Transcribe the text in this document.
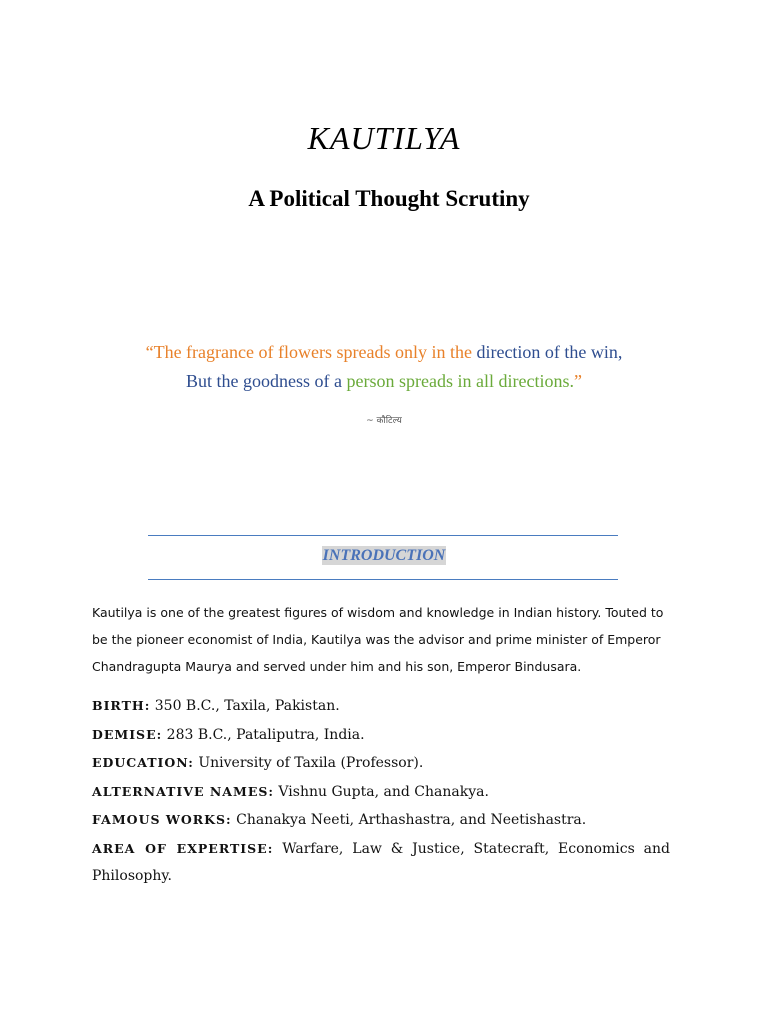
KAUTILYA
A Political Thought Scrutiny
“The fragrance of flowers spreads only in the direction of the win,
But the goodness of a person spreads in all directions.”
~ कौटिल्य
INTRODUCTION
Kautilya is one of the greatest figures of wisdom and knowledge in Indian history. Touted to be the pioneer economist of India, Kautilya was the advisor and prime minister of Emperor Chandragupta Maurya and served under him and his son, Emperor Bindusara.
BIRTH: 350 B.C., Taxila, Pakistan.
DEMISE: 283 B.C., Pataliputra, India.
EDUCATION: University of Taxila (Professor).
ALTERNATIVE NAMES: Vishnu Gupta, and Chanakya.
FAMOUS WORKS: Chanakya Neeti, Arthashastra, and Neetishastra.
AREA OF EXPERTISE: Warfare, Law & Justice, Statecraft, Economics and Philosophy.
